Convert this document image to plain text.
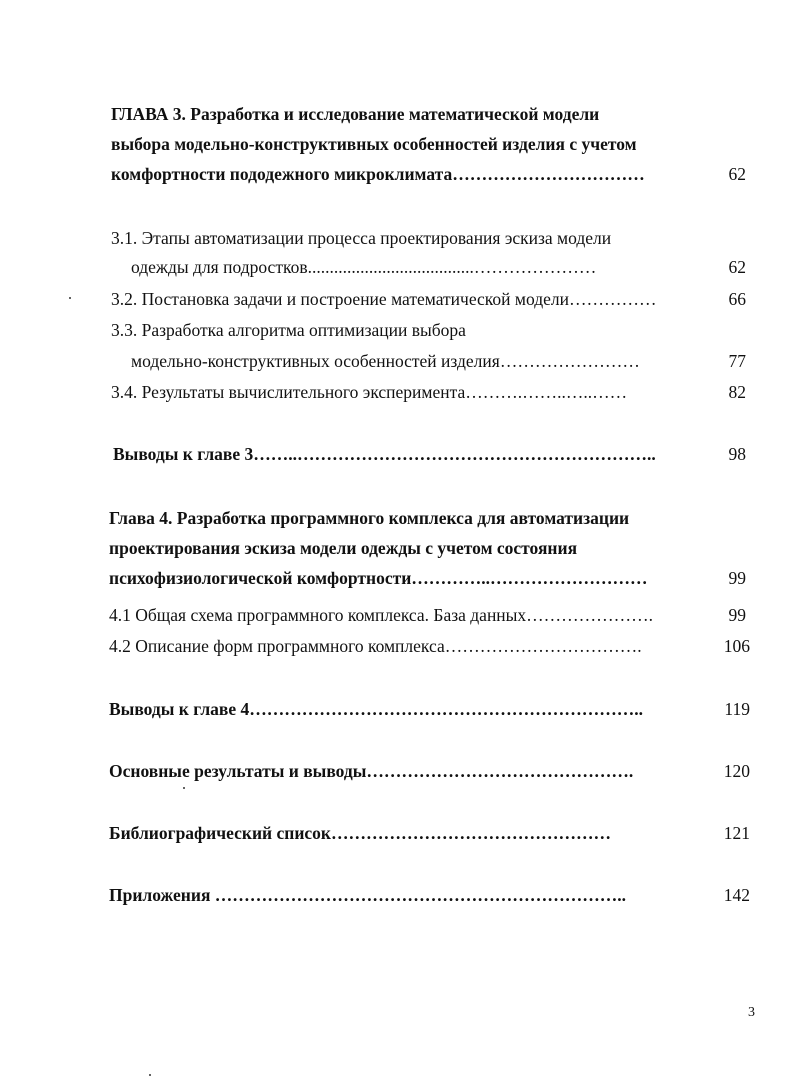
ГЛАВА 3. Разработка и исследование математической модели
выбора модельно-конструктивных особенностей изделия с учетом
комфортности пододежного микроклимата……………………………	62
3.1. Этапы автоматизации процесса проектирования эскиза модели
одежды для подростков......................................…………………	62
3.2. Постановка задачи и построение математической модели……………	66
3.3. Разработка алгоритма оптимизации выбора
модельно-конструктивных особенностей изделия……………………	77
3.4. Результаты вычислительного эксперимента……….……..…..……	82
Выводы к главе 3……..……………………………………………………..	98
Глава 4. Разработка программного комплекса для автоматизации
проектирования эскиза модели одежды с учетом состояния
психофизиологической комфортности…………..………………………	99
4.1 Общая схема программного комплекса. База данных………………….	99
4.2 Описание форм программного комплекса…………………………….	106
Выводы к главе 4…………………………………………………………..	119
Основные результаты и выводы……………………………………….	120
Библиографический список…………………………………………	121
Приложения ……………………………………………………………..	142
3
